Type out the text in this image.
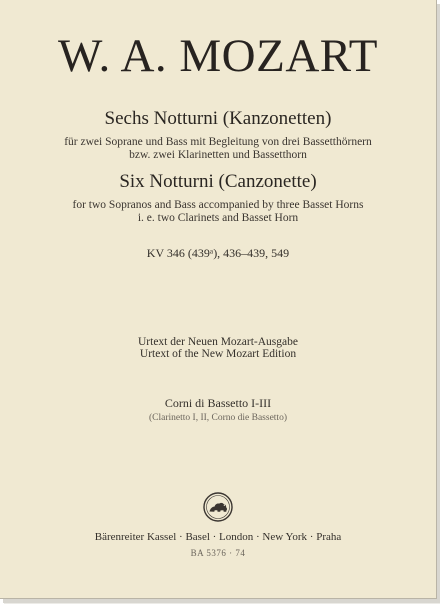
W. A. MOZART
Sechs Notturni (Kanzonetten)
für zwei Soprane und Bass mit Begleitung von drei Bassetthörnern
bzw. zwei Klarinetten und Bassetthorn
Six Notturni (Canzonette)
for two Sopranos and Bass accompanied by three Basset Horns
i. e. two Clarinets and Basset Horn
KV 346 (439ᵃ), 436–439, 549
Urtext der Neuen Mozart-Ausgabe
Urtext of the New Mozart Edition
Corni di Bassetto I-III
(Clarinetto I, II, Corno die Bassetto)
Bärenreiter Kassel · Basel · London · New York · Praha
BA 5376 · 74
